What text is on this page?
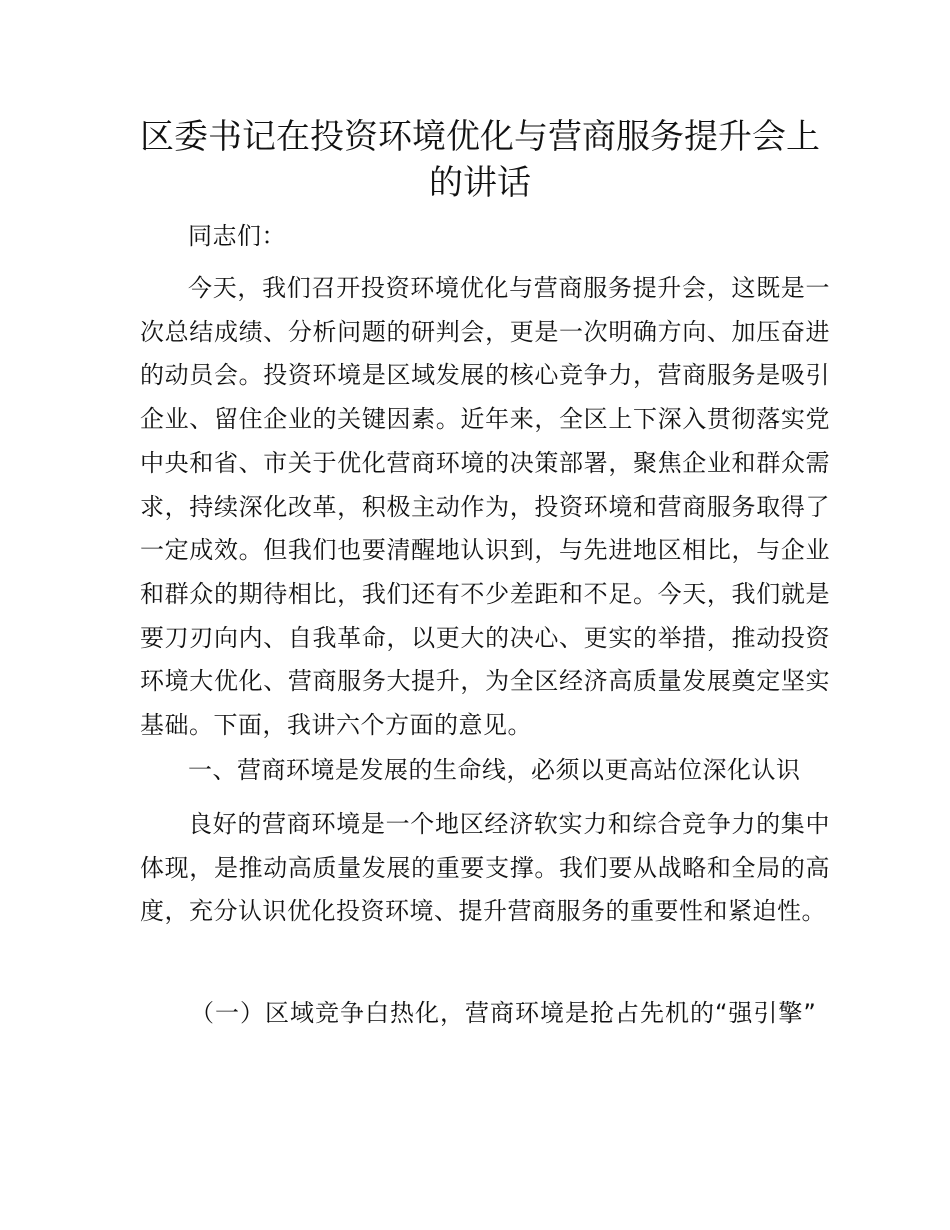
区委书记在投资环境优化与营商服务提升会上
的讲话

同志们：

今天，我们召开投资环境优化与营商服务提升会，这既是一次总结成绩、分析问题的研判会，更是一次明确方向、加压奋进的动员会。投资环境是区域发展的核心竞争力，营商服务是吸引企业、留住企业的关键因素。近年来，全区上下深入贯彻落实党中央和省、市关于优化营商环境的决策部署，聚焦企业和群众需求，持续深化改革，积极主动作为，投资环境和营商服务取得了一定成效。但我们也要清醒地认识到，与先进地区相比，与企业和群众的期待相比，我们还有不少差距和不足。今天，我们就是要刀刃向内、自我革命，以更大的决心、更实的举措，推动投资环境大优化、营商服务大提升，为全区经济高质量发展奠定坚实基础。下面，我讲六个方面的意见。

一、营商环境是发展的生命线，必须以更高站位深化认识

良好的营商环境是一个地区经济软实力和综合竞争力的集中体现，是推动高质量发展的重要支撑。我们要从战略和全局的高度，充分认识优化投资环境、提升营商服务的重要性和紧迫性。

（一）区域竞争白热化，营商环境是抢占先机的“强引擎”
